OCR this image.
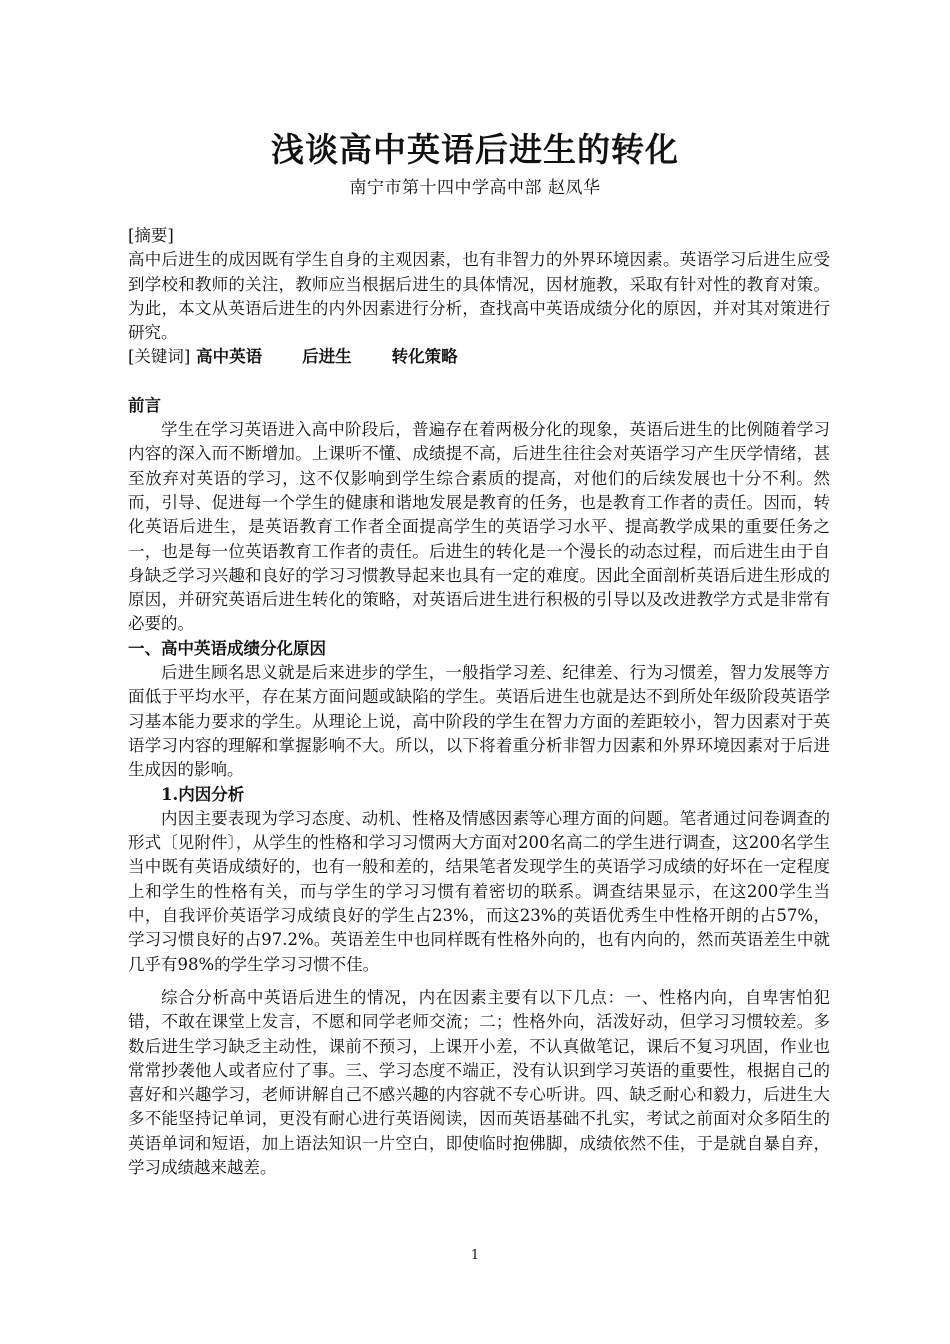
浅谈高中英语后进生的转化
南宁市第十四中学高中部 赵凤华

[摘要]

高中后进生的成因既有学生自身的主观因素，也有非智力的外界环境因素。英语学习后进生应受到学校和教师的关注，教师应当根据后进生的具体情况，因材施教，采取有针对性的教育对策。为此，本文从英语后进生的内外因素进行分析，查找高中英语成绩分化的原因，并对其对策进行研究。

[关键词] 高中英语 后进生 转化策略

前言

学生在学习英语进入高中阶段后，普遍存在着两极分化的现象，英语后进生的比例随着学习内容的深入而不断增加。上课听不懂、成绩提不高，后进生往往会对英语学习产生厌学情绪，甚至放弃对英语的学习，这不仅影响到学生综合素质的提高，对他们的后续发展也十分不利。然而，引导、促进每一个学生的健康和谐地发展是教育的任务，也是教育工作者的责任。因而，转化英语后进生，是英语教育工作者全面提高学生的英语学习水平、提高教学成果的重要任务之一，也是每一位英语教育工作者的责任。后进生的转化是一个漫长的动态过程，而后进生由于自身缺乏学习兴趣和良好的学习习惯教导起来也具有一定的难度。因此全面剖析英语后进生形成的原因，并研究英语后进生转化的策略，对英语后进生进行积极的引导以及改进教学方式是非常有必要的。

一、高中英语成绩分化原因

后进生顾名思义就是后来进步的学生，一般指学习差、纪律差、行为习惯差，智力发展等方面低于平均水平，存在某方面问题或缺陷的学生。英语后进生也就是达不到所处年级阶段英语学习基本能力要求的学生。从理论上说，高中阶段的学生在智力方面的差距较小，智力因素对于英语学习内容的理解和掌握影响不大。所以，以下将着重分析非智力因素和外界环境因素对于后进生成因的影响。

1.内因分析

内因主要表现为学习态度、动机、性格及情感因素等心理方面的问题。笔者通过问卷调查的形式〔见附件〕，从学生的性格和学习习惯两大方面对200名高二的学生进行调查，这200名学生当中既有英语成绩好的，也有一般和差的，结果笔者发现学生的英语学习成绩的好坏在一定程度上和学生的性格有关，而与学生的学习习惯有着密切的联系。调查结果显示，在这200学生当中，自我评价英语学习成绩良好的学生占23%，而这23%的英语优秀生中性格开朗的占57%，学习习惯良好的占97.2%。英语差生中也同样既有性格外向的，也有内向的，然而英语差生中就几乎有98%的学生学习习惯不佳。

综合分析高中英语后进生的情况，内在因素主要有以下几点：一、性格内向，自卑害怕犯错，不敢在课堂上发言，不愿和同学老师交流；二；性格外向，活泼好动，但学习习惯较差。多数后进生学习缺乏主动性，课前不预习，上课开小差，不认真做笔记，课后不复习巩固，作业也常常抄袭他人或者应付了事。三、学习态度不端正，没有认识到学习英语的重要性，根据自己的喜好和兴趣学习，老师讲解自己不感兴趣的内容就不专心听讲。四、缺乏耐心和毅力，后进生大多不能坚持记单词，更没有耐心进行英语阅读，因而英语基础不扎实，考试之前面对众多陌生的英语单词和短语，加上语法知识一片空白，即使临时抱佛脚，成绩依然不佳，于是就自暴自弃，学习成绩越来越差。

1
